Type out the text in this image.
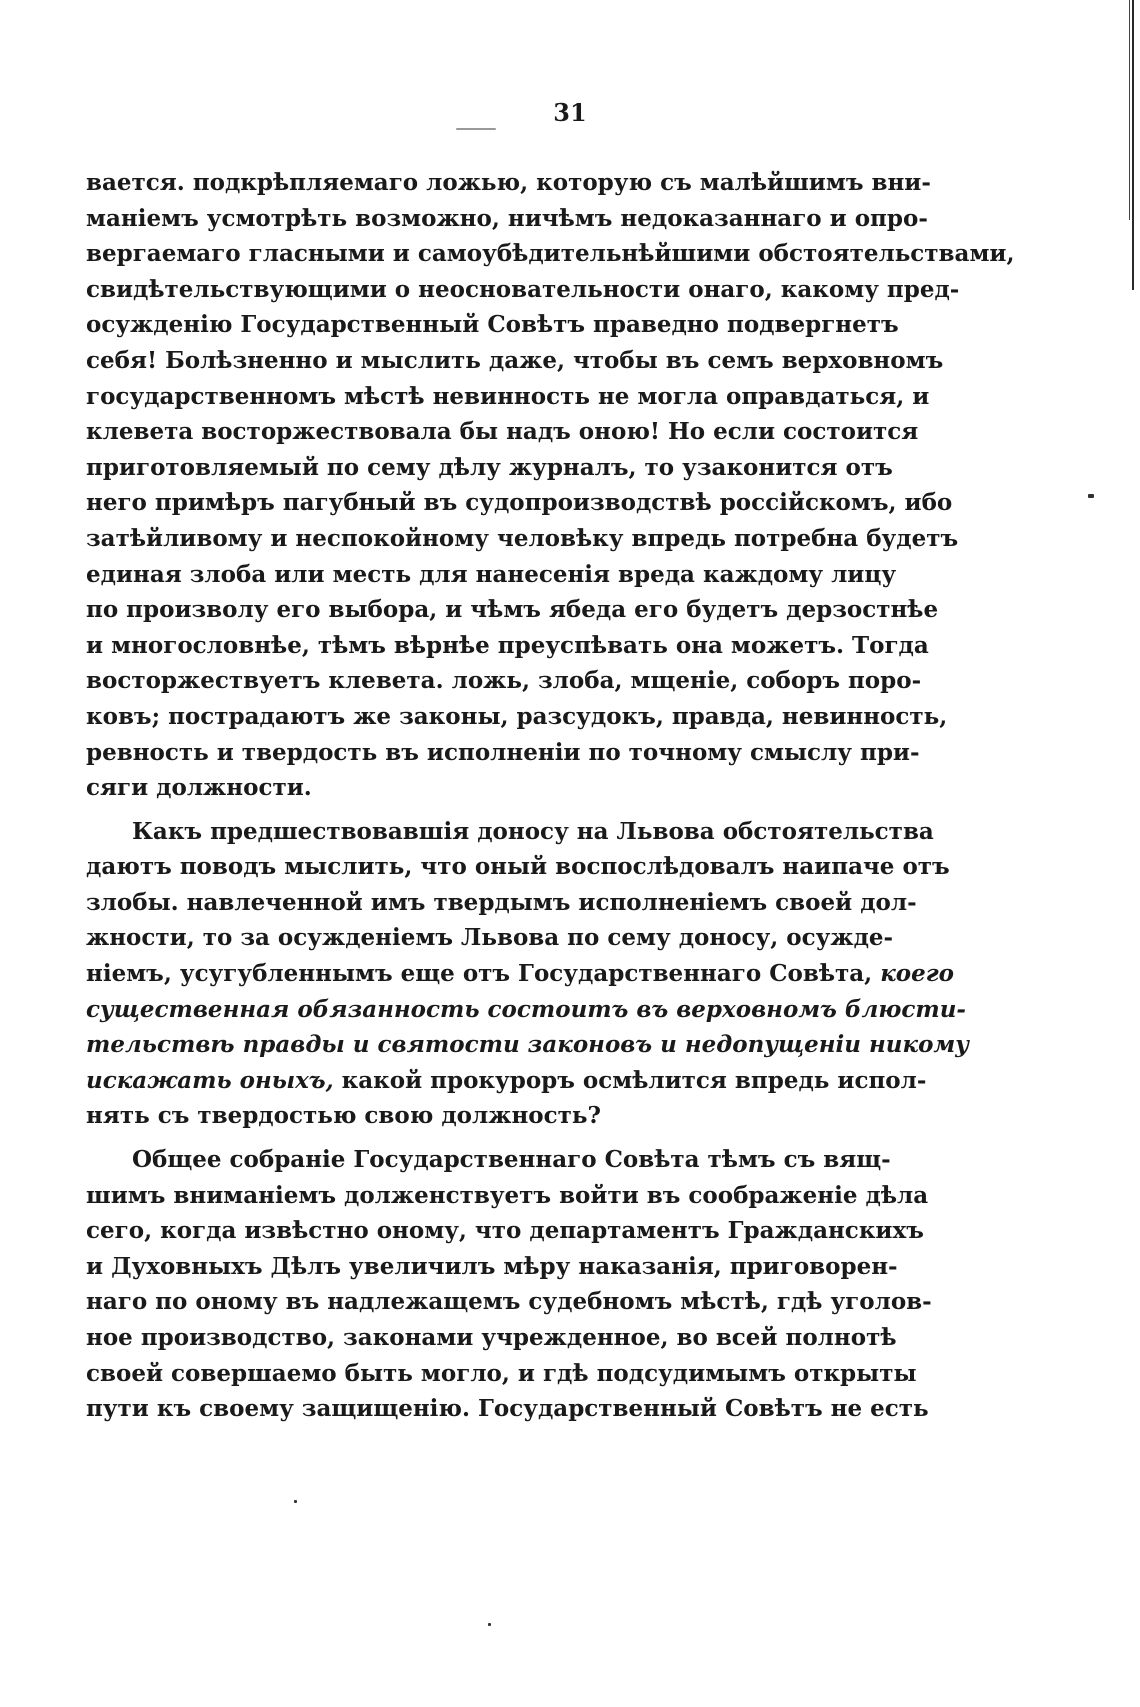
31

вается. подкрѣпляемаго ложью, которую съ малѣйшимъ вни-
маніемъ усмотрѣть возможно, ничѣмъ недоказаннаго и опро-
вергаемаго гласными и самоубѣдительнѣйшими обстоятельствами,
свидѣтельствующими о неосновательности онаго, какому пред-
осужденію Государственный Совѣтъ праведно подвергнетъ
себя! Болѣзненно и мыслить даже, чтобы въ семъ верховномъ
государственномъ мѣстѣ невинность не могла оправдаться, и
клевета восторжествовала бы надъ оною! Но если состоится
приготовляемый по сему дѣлу журналъ, то узаконится отъ
него примѣръ пагубный въ судопроизводствѣ россійскомъ, ибо
затѣйливому и неспокойному человѣку впредь потребна будетъ
единая злоба или месть для нанесенія вреда каждому лицу
по произволу его выбора, и чѣмъ ябеда его будетъ дерзостнѣе
и многословнѣе, тѣмъ вѣрнѣе преуспѣвать она можетъ. Тогда
восторжествуетъ клевета. ложь, злоба, мщеніе, соборъ поро-
ковъ; пострадаютъ же законы, разсудокъ, правда, невинность,
ревность и твердость въ исполненіи по точному смыслу при-
сяги должности.
Какъ предшествовавшія доносу на Львова обстоятельства
даютъ поводъ мыслить, что оный воспослѣдовалъ наипаче отъ
злобы. навлеченной имъ твердымъ исполненіемъ своей дол-
жности, то за осужденіемъ Львова по сему доносу, осужде-
ніемъ, усугубленнымъ еще отъ Государственнаго Совѣта, коего
существенная обязанность состоитъ въ верховномъ блюсти-
тельствѣ правды и святости законовъ и недопущеніи никому
искажать оныхъ, какой прокуроръ осмѣлится впредь испол-
нять съ твердостью свою должность?
Общее собраніе Государственнаго Совѣта тѣмъ съ вящ-
шимъ вниманіемъ долженствуетъ войти въ соображеніе дѣла
сего, когда извѣстно оному, что департаментъ Гражданскихъ
и Духовныхъ Дѣлъ увеличилъ мѣру наказанія, приговорен-
наго по оному въ надлежащемъ судебномъ мѣстѣ, гдѣ уголов-
ное производство, законами учрежденное, во всей полнотѣ
своей совершаемо быть могло, и гдѣ подсудимымъ открыты
пути къ своему защищенію. Государственный Совѣтъ не есть
